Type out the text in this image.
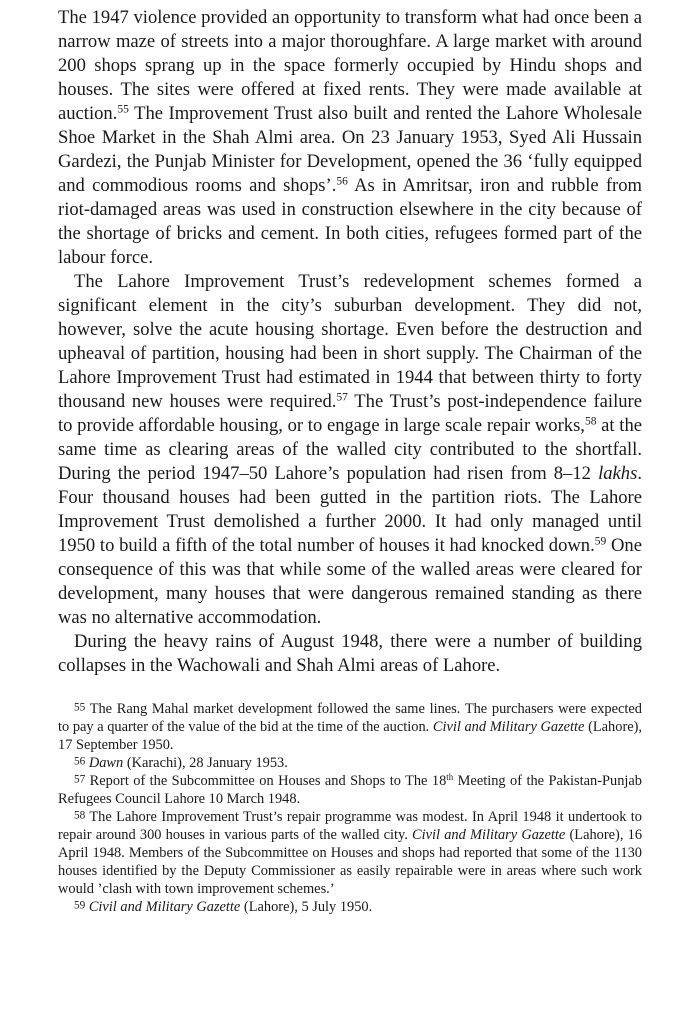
The 1947 violence provided an opportunity to transform what had once been a narrow maze of streets into a major thoroughfare. A large market with around 200 shops sprang up in the space formerly occupied by Hindu shops and houses. The sites were offered at fixed rents. They were made available at auction.$^{55}$ The Improvement Trust also built and rented the Lahore Wholesale Shoe Market in the Shah Almi area. On 23 January 1953, Syed Ali Hussain Gardezi, the Punjab Minister for Development, opened the 36 ‘fully equipped and commodious rooms and shops’.$^{56}$ As in Amritsar, iron and rubble from riot-damaged areas was used in construction elsewhere in the city because of the shortage of bricks and cement. In both cities, refugees formed part of the labour force.

The Lahore Improvement Trust’s redevelopment schemes formed a significant element in the city’s suburban development. They did not, however, solve the acute housing shortage. Even before the destruction and upheaval of partition, housing had been in short supply. The Chairman of the Lahore Improvement Trust had estimated in 1944 that between thirty to forty thousand new houses were required.$^{57}$ The Trust’s post-independence failure to provide affordable housing, or to engage in large scale repair works,$^{58}$ at the same time as clearing areas of the walled city contributed to the shortfall. During the period 1947–50 Lahore’s population had risen from 8–12 lakhs. Four thousand houses had been gutted in the partition riots. The Lahore Improvement Trust demolished a further 2000. It had only managed until 1950 to build a fifth of the total number of houses it had knocked down.$^{59}$ One consequence of this was that while some of the walled areas were cleared for development, many houses that were dangerous remained standing as there was no alternative accommodation.

During the heavy rains of August 1948, there were a number of building collapses in the Wachowali and Shah Almi areas of Lahore.

55 The Rang Mahal market development followed the same lines. The purchasers were expected to pay a quarter of the value of the bid at the time of the auction. Civil and Military Gazette (Lahore), 17 September 1950.

56 Dawn (Karachi), 28 January 1953.

57 Report of the Subcommittee on Houses and Shops to The 18th Meeting of the Pakistan-Punjab Refugees Council Lahore 10 March 1948.

58 The Lahore Improvement Trust’s repair programme was modest. In April 1948 it undertook to repair around 300 houses in various parts of the walled city. Civil and Military Gazette (Lahore), 16 April 1948. Members of the Subcommittee on Houses and shops had reported that some of the 1130 houses identified by the Deputy Commissioner as easily repairable were in areas where such work would ’clash with town improvement schemes.’

59 Civil and Military Gazette (Lahore), 5 July 1950.
